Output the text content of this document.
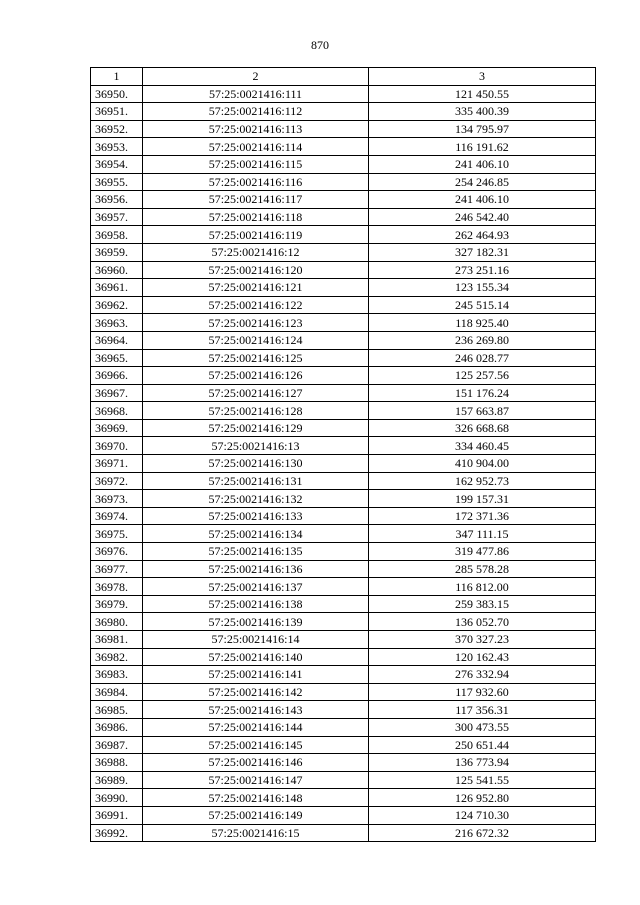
870
1	2	3
36950.	57:25:0021416:111	121 450.55
36951.	57:25:0021416:112	335 400.39
36952.	57:25:0021416:113	134 795.97
36953.	57:25:0021416:114	116 191.62
36954.	57:25:0021416:115	241 406.10
36955.	57:25:0021416:116	254 246.85
36956.	57:25:0021416:117	241 406.10
36957.	57:25:0021416:118	246 542.40
36958.	57:25:0021416:119	262 464.93
36959.	57:25:0021416:12	327 182.31
36960.	57:25:0021416:120	273 251.16
36961.	57:25:0021416:121	123 155.34
36962.	57:25:0021416:122	245 515.14
36963.	57:25:0021416:123	118 925.40
36964.	57:25:0021416:124	236 269.80
36965.	57:25:0021416:125	246 028.77
36966.	57:25:0021416:126	125 257.56
36967.	57:25:0021416:127	151 176.24
36968.	57:25:0021416:128	157 663.87
36969.	57:25:0021416:129	326 668.68
36970.	57:25:0021416:13	334 460.45
36971.	57:25:0021416:130	410 904.00
36972.	57:25:0021416:131	162 952.73
36973.	57:25:0021416:132	199 157.31
36974.	57:25:0021416:133	172 371.36
36975.	57:25:0021416:134	347 111.15
36976.	57:25:0021416:135	319 477.86
36977.	57:25:0021416:136	285 578.28
36978.	57:25:0021416:137	116 812.00
36979.	57:25:0021416:138	259 383.15
36980.	57:25:0021416:139	136 052.70
36981.	57:25:0021416:14	370 327.23
36982.	57:25:0021416:140	120 162.43
36983.	57:25:0021416:141	276 332.94
36984.	57:25:0021416:142	117 932.60
36985.	57:25:0021416:143	117 356.31
36986.	57:25:0021416:144	300 473.55
36987.	57:25:0021416:145	250 651.44
36988.	57:25:0021416:146	136 773.94
36989.	57:25:0021416:147	125 541.55
36990.	57:25:0021416:148	126 952.80
36991.	57:25:0021416:149	124 710.30
36992.	57:25:0021416:15	216 672.32
